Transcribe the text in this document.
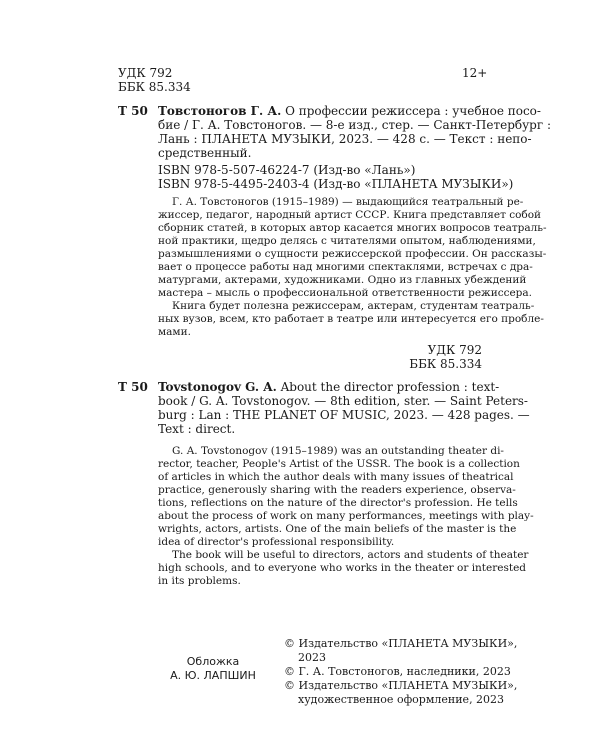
УДК 792
ББК 85.334
12+
Т 50 Товстоногов Г. А. О профессии режиссера : учебное посо-
бие / Г. А. Товстоногов. — 8-е изд., стер. — Санкт-Петербург :
Лань : ПЛАНЕТА МУЗЫКИ, 2023. — 428 с. — Текст : непо-
средственный.
ISBN 978-5-507-46224-7 (Изд-во «Лань»)
ISBN 978-5-4495-2403-4 (Изд-во «ПЛАНЕТА МУЗЫКИ»)
Г. А. Товстоногов (1915–1989) — выдающийся театральный ре-
жиссер, педагог, народный артист СССР. Книга представляет собой
сборник статей, в которых автор касается многих вопросов театраль-
ной практики, щедро делясь с читателями опытом, наблюдениями,
размышлениями о сущности режиссерской профессии. Он рассказы-
вает о процессе работы над многими спектаклями, встречах с дра-
матургами, актерами, художниками. Одно из главных убеждений
мастера – мысль о профессиональной ответственности режиссера.
Книга будет полезна режиссерам, актерам, студентам театраль-
ных вузов, всем, кто работает в театре или интересуется его пробле-
мами.
УДК 792
ББК 85.334
Т 50 Tovstonogov G. A. About the director profession : text-
book / G. A. Tovstonogov. — 8th edition, ster. — Saint Peters-
burg : Lan : THE PLANET OF MUSIC, 2023. — 428 pages. —
Text : direct.
G. A. Tovstonogov (1915–1989) was an outstanding theater di-
rector, teacher, People's Artist of the USSR. The book is a collection
of articles in which the author deals with many issues of theatrical
practice, generously sharing with the readers experience, observa-
tions, reflections on the nature of the director's profession. He tells
about the process of work on many performances, meetings with play-
wrights, actors, artists. One of the main beliefs of the master is the
idea of director's professional responsibility.
The book will be useful to directors, actors and students of theater
high schools, and to everyone who works in the theater or interested
in its problems.
Обложка
А. Ю. ЛАПШИН
© Издательство «ПЛАНЕТА МУЗЫКИ»,
2023
© Г. А. Товстоногов, наследники, 2023
© Издательство «ПЛАНЕТА МУЗЫКИ»,
художественное оформление, 2023
